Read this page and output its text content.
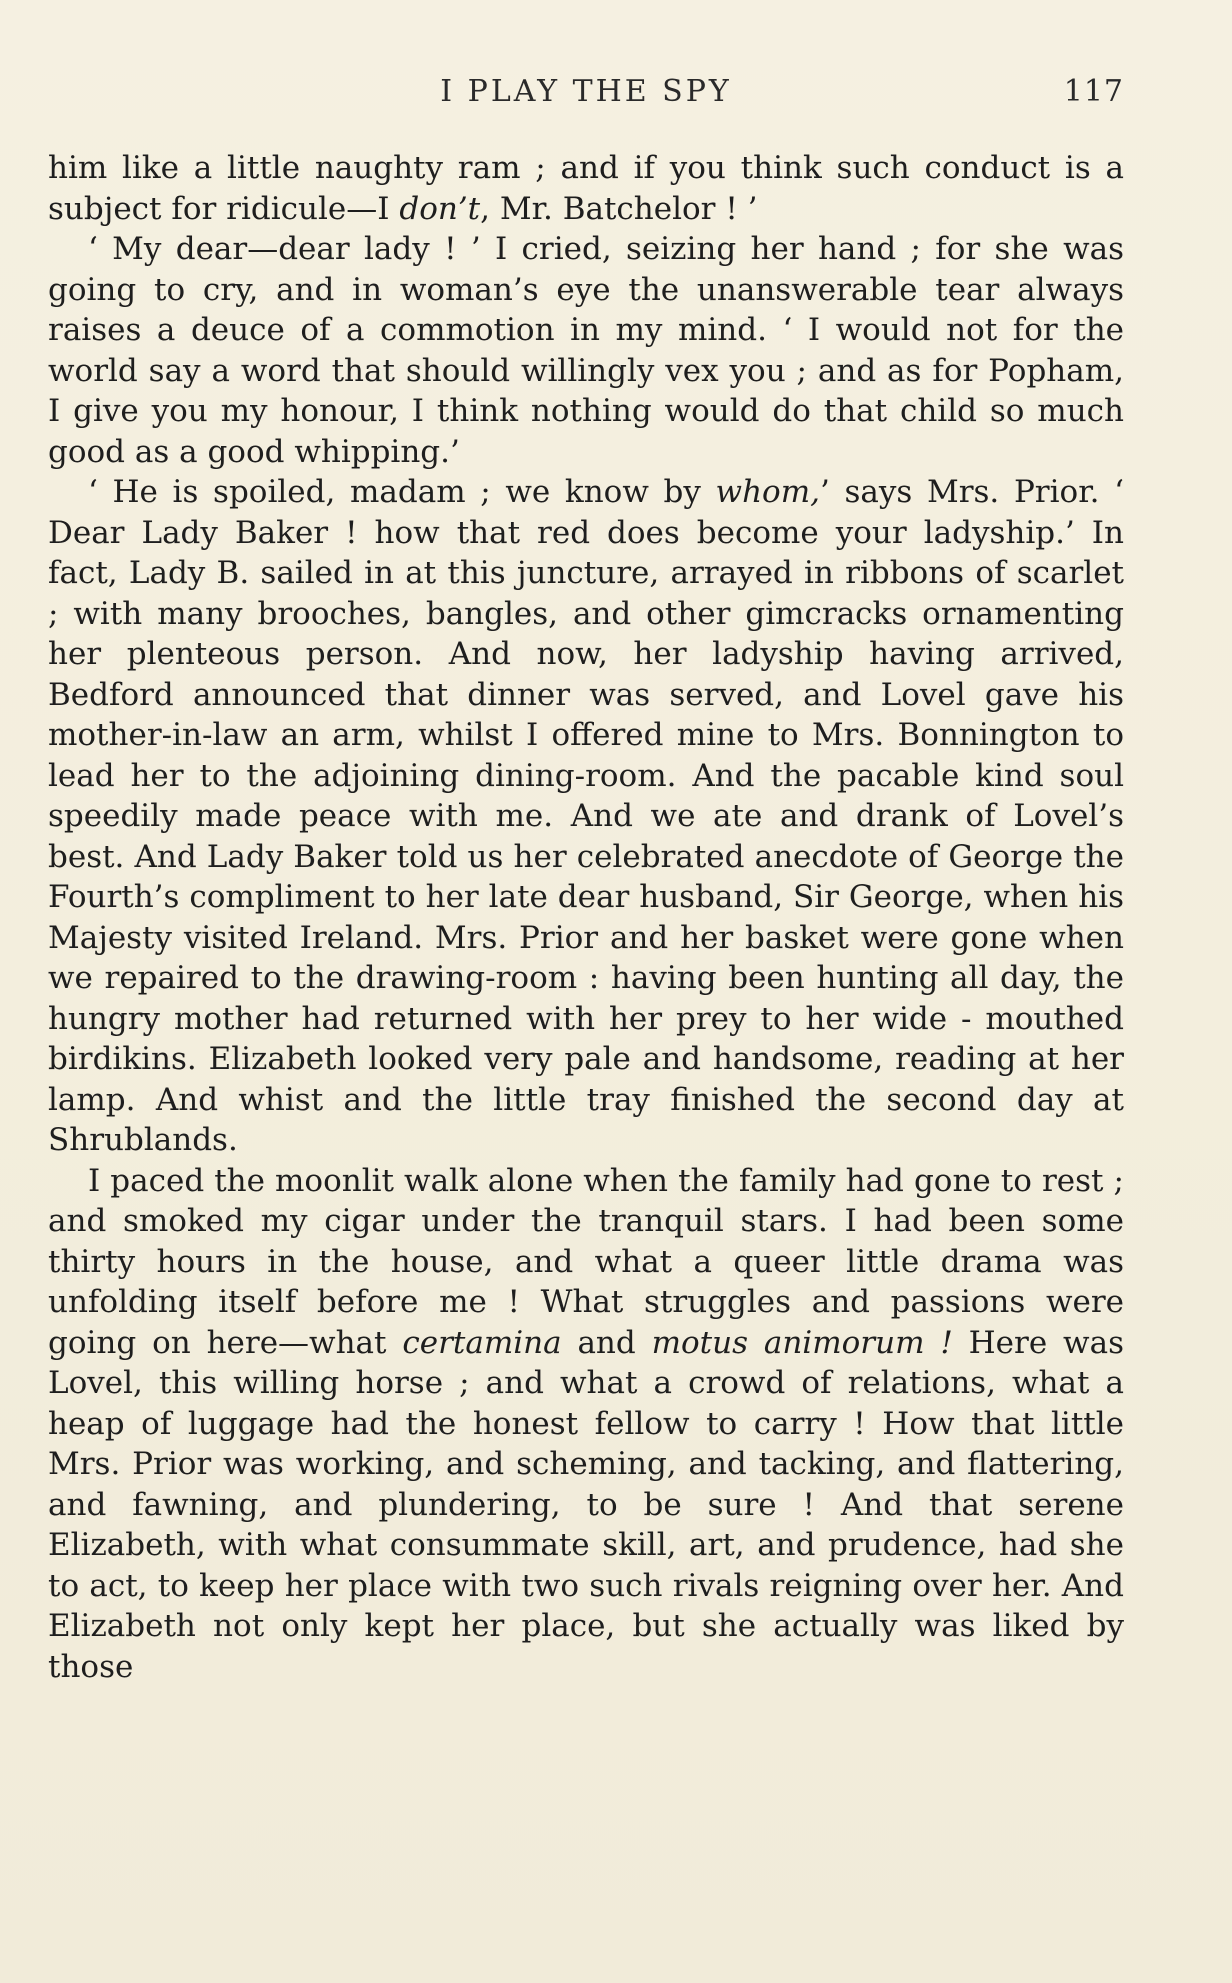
I PLAY THE SPY	117

him like a little naughty ram ; and if you think such conduct is a subject for ridicule—I don’t, Mr. Batchelor ! ’

‘ My dear—dear lady ! ’ I cried, seizing her hand ; for she was going to cry, and in woman’s eye the unanswerable tear always raises a deuce of a commotion in my mind. ‘ I would not for the world say a word that should willingly vex you ; and as for Popham, I give you my honour, I think nothing would do that child so much good as a good whipping.’

‘ He is spoiled, madam ; we know by whom,’ says Mrs. Prior. ‘ Dear Lady Baker ! how that red does become your ladyship.’ In fact, Lady B. sailed in at this juncture, arrayed in ribbons of scarlet ; with many brooches, bangles, and other gimcracks ornamenting her plenteous person. And now, her ladyship having arrived, Bedford announced that dinner was served, and Lovel gave his mother-in-law an arm, whilst I offered mine to Mrs. Bonnington to lead her to the adjoining dining-room. And the pacable kind soul speedily made peace with me. And we ate and drank of Lovel’s best. And Lady Baker told us her celebrated anecdote of George the Fourth’s compliment to her late dear husband, Sir George, when his Majesty visited Ireland. Mrs. Prior and her basket were gone when we repaired to the drawing-room : having been hunting all day, the hungry mother had returned with her prey to her wide - mouthed birdikins. Elizabeth looked very pale and handsome, reading at her lamp. And whist and the little tray finished the second day at Shrublands.

I paced the moonlit walk alone when the family had gone to rest ; and smoked my cigar under the tranquil stars. I had been some thirty hours in the house, and what a queer little drama was unfolding itself before me ! What struggles and passions were going on here—what certamina and motus animorum ! Here was Lovel, this willing horse ; and what a crowd of relations, what a heap of luggage had the honest fellow to carry ! How that little Mrs. Prior was working, and scheming, and tacking, and flattering, and fawning, and plundering, to be sure ! And that serene Elizabeth, with what consummate skill, art, and prudence, had she to act, to keep her place with two such rivals reigning over her. And Elizabeth not only kept her place, but she actually was liked by those
